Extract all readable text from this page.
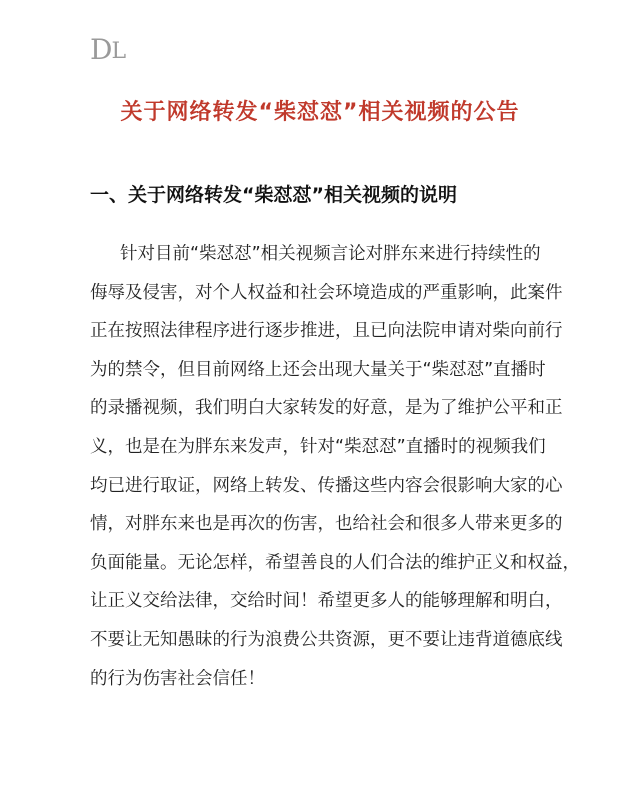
DL
关于网络转发“柴怼怼”相关视频的公告
一、关于网络转发“柴怼怼”相关视频的说明
针对目前“柴怼怼”相关视频言论对胖东来进行持续性的
侮辱及侵害，对个人权益和社会环境造成的严重影响，此案件
正在按照法律程序进行逐步推进，且已向法院申请对柴向前行
为的禁令，但目前网络上还会出现大量关于“柴怼怼”直播时
的录播视频，我们明白大家转发的好意，是为了维护公平和正
义，也是在为胖东来发声，针对“柴怼怼”直播时的视频我们
均已进行取证，网络上转发、传播这些内容会很影响大家的心
情，对胖东来也是再次的伤害，也给社会和很多人带来更多的
负面能量。无论怎样，希望善良的人们合法的维护正义和权益，
让正义交给法律，交给时间！希望更多人的能够理解和明白，
不要让无知愚昧的行为浪费公共资源，更不要让违背道德底线
的行为伤害社会信任！
